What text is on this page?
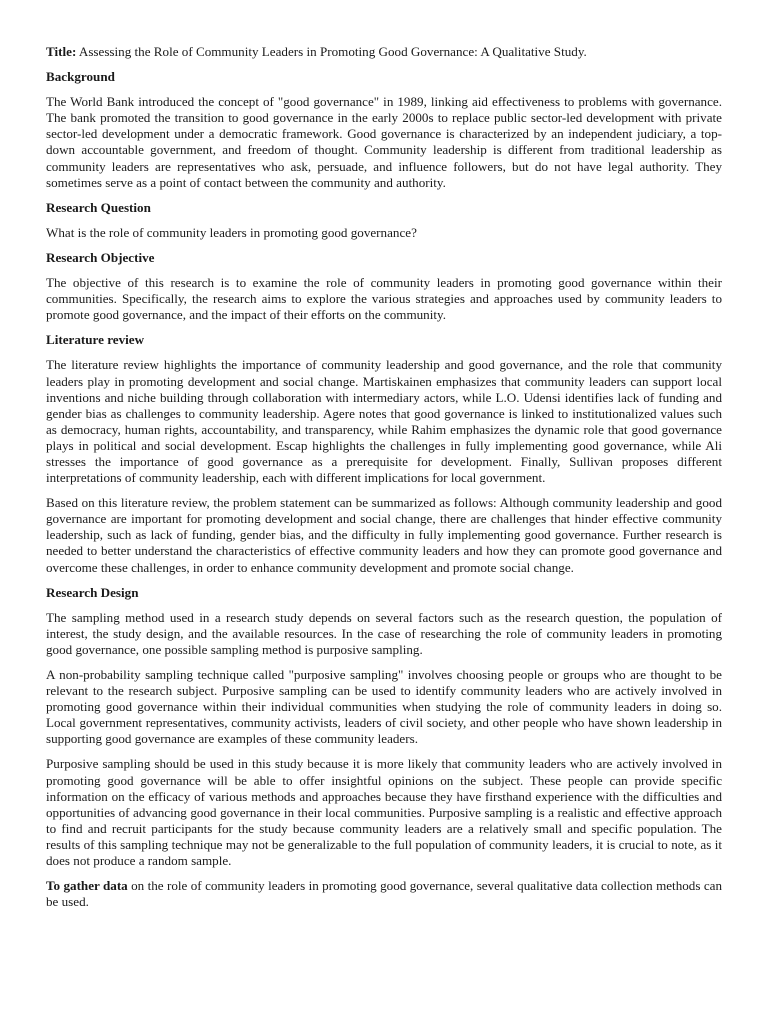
Title: Assessing the Role of Community Leaders in Promoting Good Governance: A Qualitative Study.

Background

The World Bank introduced the concept of "good governance" in 1989, linking aid effectiveness to problems with governance. The bank promoted the transition to good governance in the early 2000s to replace public sector-led development with private sector-led development under a democratic framework. Good governance is characterized by an independent judiciary, a top-down accountable government, and freedom of thought. Community leadership is different from traditional leadership as community leaders are representatives who ask, persuade, and influence followers, but do not have legal authority. They sometimes serve as a point of contact between the community and authority.

Research Question

What is the role of community leaders in promoting good governance?

Research Objective

The objective of this research is to examine the role of community leaders in promoting good governance within their communities. Specifically, the research aims to explore the various strategies and approaches used by community leaders to promote good governance, and the impact of their efforts on the community.

Literature review

The literature review highlights the importance of community leadership and good governance, and the role that community leaders play in promoting development and social change. Martiskainen emphasizes that community leaders can support local inventions and niche building through collaboration with intermediary actors, while L.O. Udensi identifies lack of funding and gender bias as challenges to community leadership. Agere notes that good governance is linked to institutionalized values such as democracy, human rights, accountability, and transparency, while Rahim emphasizes the dynamic role that good governance plays in political and social development. Escap highlights the challenges in fully implementing good governance, while Ali stresses the importance of good governance as a prerequisite for development. Finally, Sullivan proposes different interpretations of community leadership, each with different implications for local government.

Based on this literature review, the problem statement can be summarized as follows: Although community leadership and good governance are important for promoting development and social change, there are challenges that hinder effective community leadership, such as lack of funding, gender bias, and the difficulty in fully implementing good governance. Further research is needed to better understand the characteristics of effective community leaders and how they can promote good governance and overcome these challenges, in order to enhance community development and promote social change.

Research Design

The sampling method used in a research study depends on several factors such as the research question, the population of interest, the study design, and the available resources. In the case of researching the role of community leaders in promoting good governance, one possible sampling method is purposive sampling.

A non-probability sampling technique called "purposive sampling" involves choosing people or groups who are thought to be relevant to the research subject. Purposive sampling can be used to identify community leaders who are actively involved in promoting good governance within their individual communities when studying the role of community leaders in doing so. Local government representatives, community activists, leaders of civil society, and other people who have shown leadership in supporting good governance are examples of these community leaders.

Purposive sampling should be used in this study because it is more likely that community leaders who are actively involved in promoting good governance will be able to offer insightful opinions on the subject. These people can provide specific information on the efficacy of various methods and approaches because they have firsthand experience with the difficulties and opportunities of advancing good governance in their local communities. Purposive sampling is a realistic and effective approach to find and recruit participants for the study because community leaders are a relatively small and specific population. The results of this sampling technique may not be generalizable to the full population of community leaders, it is crucial to note, as it does not produce a random sample.

To gather data on the role of community leaders in promoting good governance, several qualitative data collection methods can be used.
